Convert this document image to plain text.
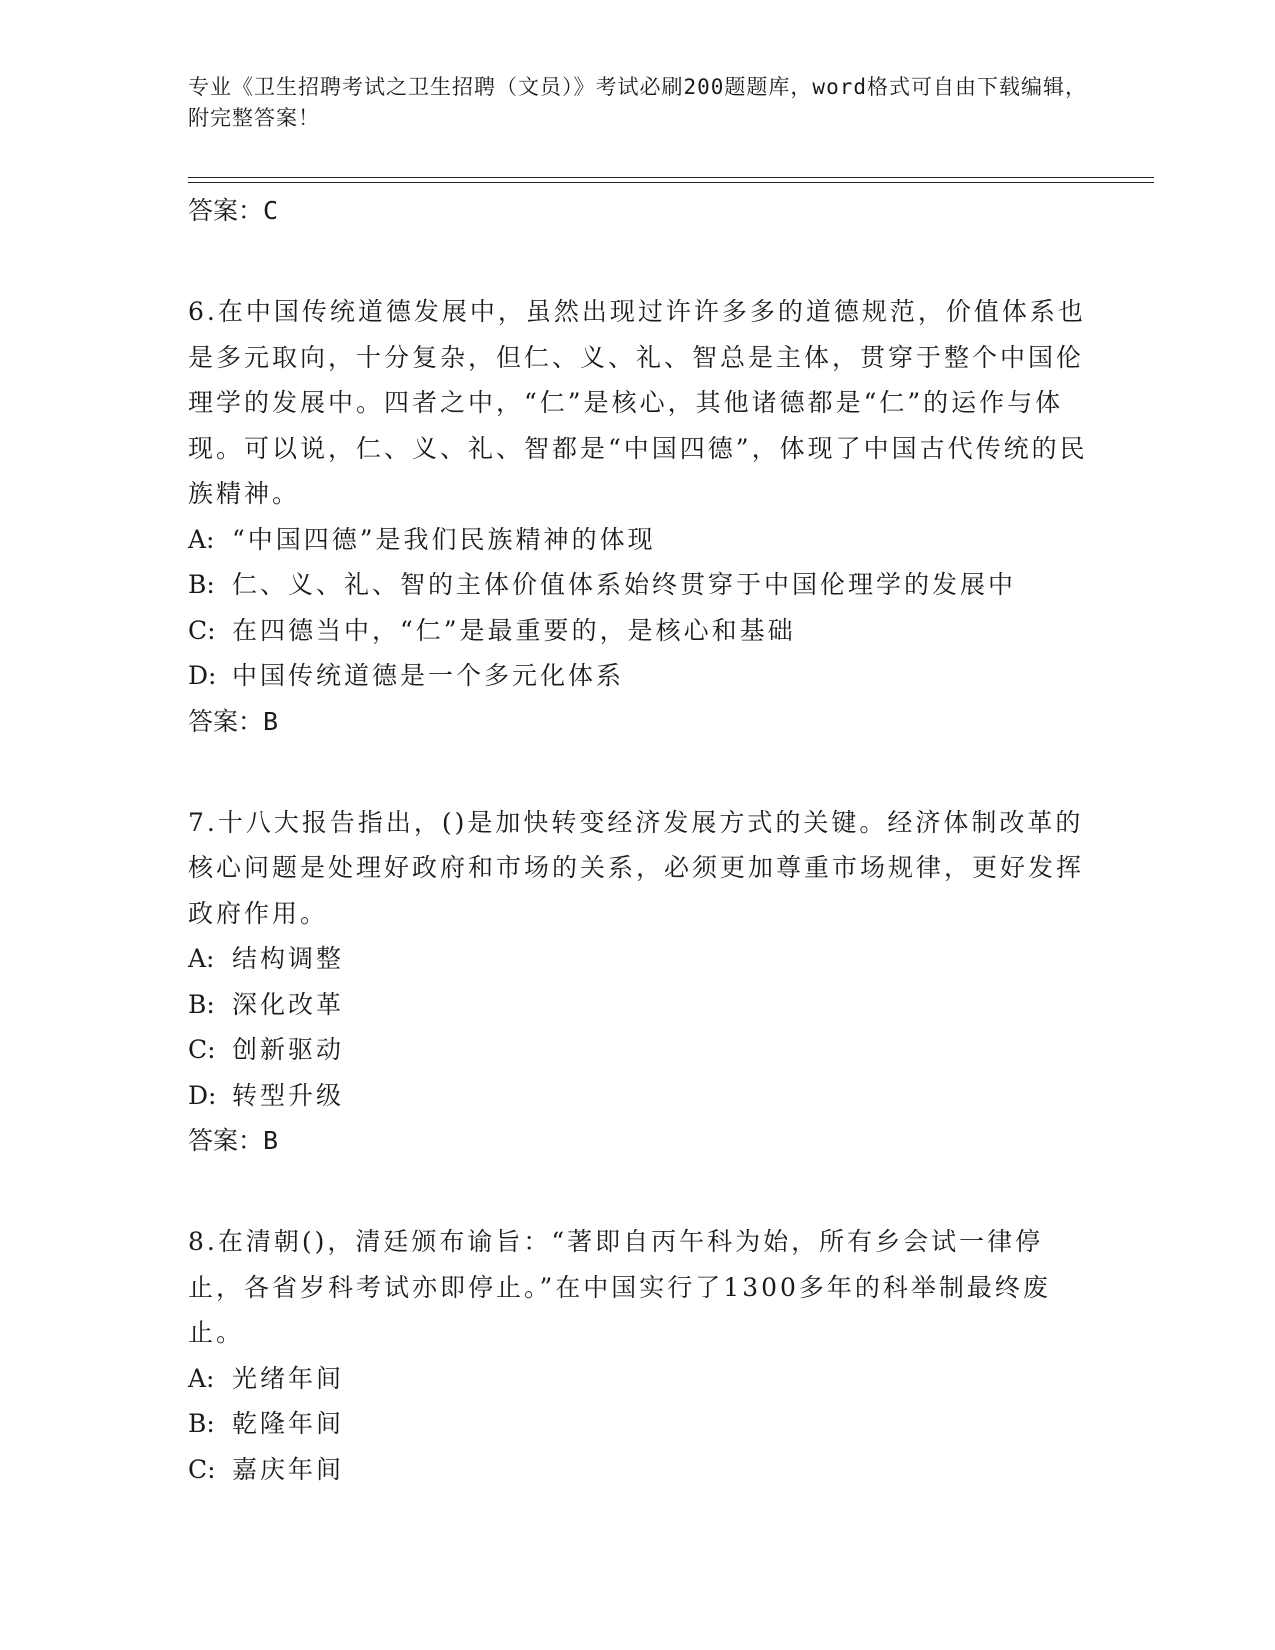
专业《卫生招聘考试之卫生招聘（文员）》考试必刷200题题库，word格式可自由下载编辑，附完整答案！
答案：C

6.在中国传统道德发展中，虽然出现过许许多多的道德规范，价值体系也是多元取向，十分复杂，但仁、义、礼、智总是主体，贯穿于整个中国伦理学的发展中。四者之中，“仁”是核心，其他诸德都是“仁”的运作与体现。可以说，仁、义、礼、智都是“中国四德”，体现了中国古代传统的民族精神。

A: “中国四德”是我们民族精神的体现
B: 仁、义、礼、智的主体价值体系始终贯穿于中国伦理学的发展中
C: 在四德当中，“仁”是最重要的，是核心和基础
D: 中国传统道德是一个多元化体系
答案：B

7.十八大报告指出，()是加快转变经济发展方式的关键。经济体制改革的核心问题是处理好政府和市场的关系，必须更加尊重市场规律，更好发挥政府作用。

A: 结构调整
B: 深化改革
C: 创新驱动
D: 转型升级
答案：B

8.在清朝()，清廷颁布谕旨：“著即自丙午科为始，所有乡会试一律停止，各省岁科考试亦即停止。”在中国实行了1300多年的科举制最终废止。

A: 光绪年间
B: 乾隆年间
C: 嘉庆年间
